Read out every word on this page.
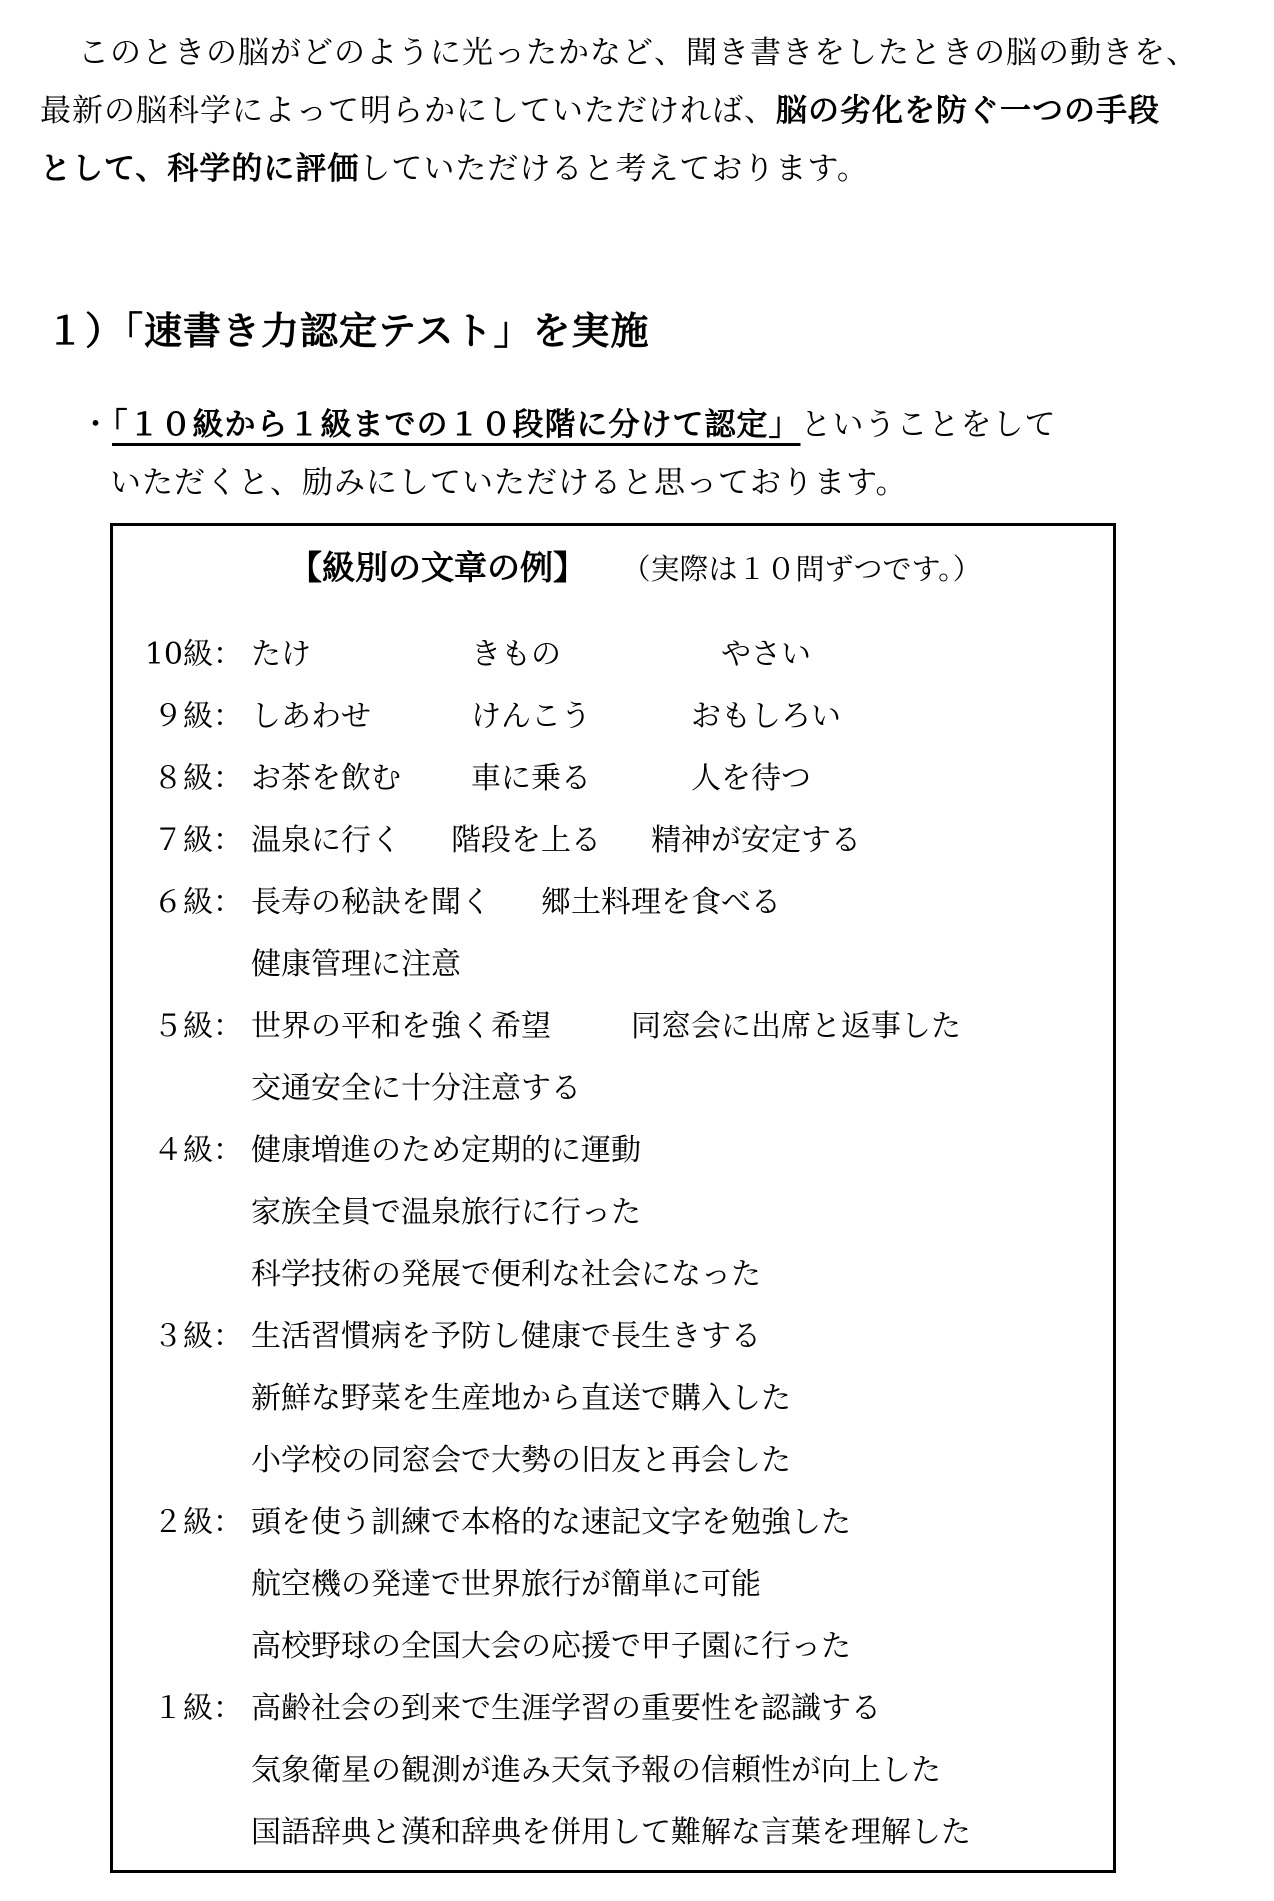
このときの脳がどのように光ったかなど、聞き書きをしたときの脳の動きを、

最新の脳科学によって明らかにしていただければ、脳の劣化を防ぐ一つの手段

として、科学的に評価していただけると考えております。

１）「速書き力認定テスト」を実施

・「１０級から１級までの１０段階に分けて認定」ということをして

いただくと、励みにしていただけると思っております。

【級別の文章の例】 （実際は１０問ずつです。）
10級： たけ	きもの	やさい
９級： しあわせ	けんこう	おもしろい
８級： お茶を飲む 車に乗る	人を待つ
７級： 温泉に行く 階段を上る 精神が安定する
６級： 長寿の秘訣を聞く 郷土料理を食べる
健康管理に注意
５級： 世界の平和を強く希望	同窓会に出席と返事した
交通安全に十分注意する
４級： 健康増進のため定期的に運動
家族全員で温泉旅行に行った
科学技術の発展で便利な社会になった
３級： 生活習慣病を予防し健康で長生きする
新鮮な野菜を生産地から直送で購入した
小学校の同窓会で大勢の旧友と再会した
２級： 頭を使う訓練で本格的な速記文字を勉強した
航空機の発達で世界旅行が簡単に可能
高校野球の全国大会の応援で甲子園に行った
１級： 高齢社会の到来で生涯学習の重要性を認識する
気象衛星の観測が進み天気予報の信頼性が向上した
国語辞典と漢和辞典を併用して難解な言葉を理解した
